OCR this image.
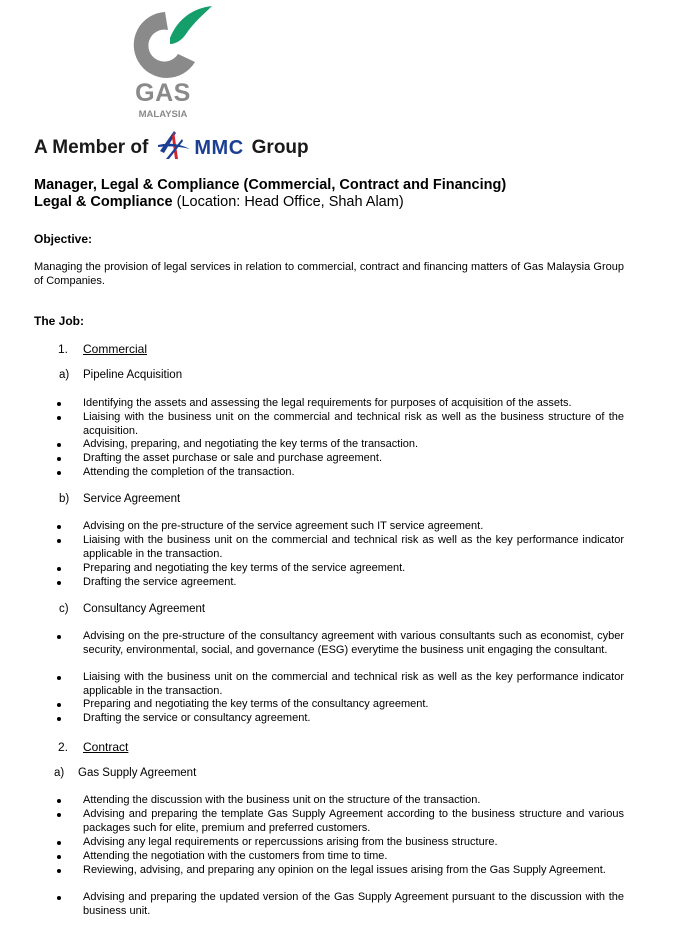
GAS
MALAYSIA
A Member of MMC Group
Manager, Legal & Compliance (Commercial, Contract and Financing)
Legal & Compliance (Location: Head Office, Shah Alam)
Objective:
Managing the provision of legal services in relation to commercial, contract and financing matters of Gas Malaysia Group of Companies.
The Job:
1. Commercial
a) Pipeline Acquisition
Identifying the assets and assessing the legal requirements for purposes of acquisition of the assets.
Liaising with the business unit on the commercial and technical risk as well as the business structure of the acquisition.
Advising, preparing, and negotiating the key terms of the transaction.
Drafting the asset purchase or sale and purchase agreement.
Attending the completion of the transaction.
b) Service Agreement
Advising on the pre-structure of the service agreement such IT service agreement.
Liaising with the business unit on the commercial and technical risk as well as the key performance indicator applicable in the transaction.
Preparing and negotiating the key terms of the service agreement.
Drafting the service agreement.
c) Consultancy Agreement
Advising on the pre-structure of the consultancy agreement with various consultants such as economist, cyber security, environmental, social, and governance (ESG) everytime the business unit engaging the consultant.
Liaising with the business unit on the commercial and technical risk as well as the key performance indicator applicable in the transaction.
Preparing and negotiating the key terms of the consultancy agreement.
Drafting the service or consultancy agreement.
2. Contract
a) Gas Supply Agreement
Attending the discussion with the business unit on the structure of the transaction.
Advising and preparing the template Gas Supply Agreement according to the business structure and various packages such for elite, premium and preferred customers.
Advising any legal requirements or repercussions arising from the business structure.
Attending the negotiation with the customers from time to time.
Reviewing, advising, and preparing any opinion on the legal issues arising from the Gas Supply Agreement.
Advising and preparing the updated version of the Gas Supply Agreement pursuant to the discussion with the business unit.
